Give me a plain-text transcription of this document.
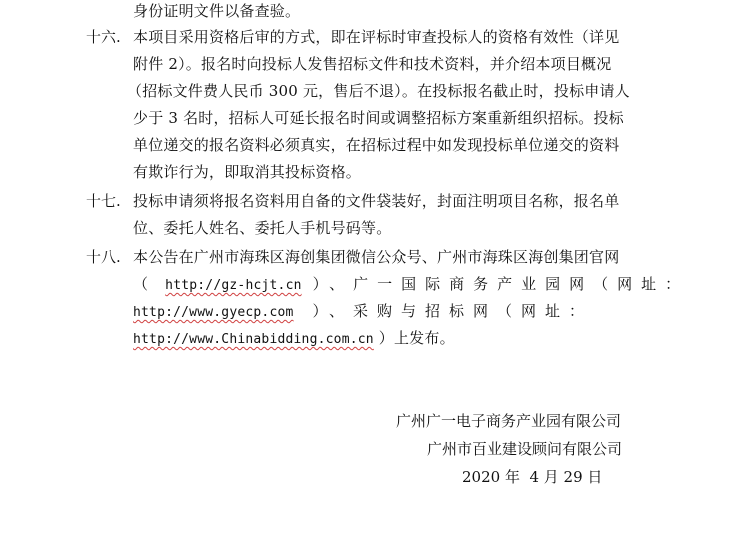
身份证明文件以备查验。
十六. 本项目采用资格后审的方式，即在评标时审查投标人的资格有效性（详见
附件 2）。报名时向投标人发售招标文件和技术资料，并介绍本项目概况
（招标文件费人民币 300 元，售后不退）。在投标报名截止时，投标申请人
少于 3 名时，招标人可延长报名时间或调整招标方案重新组织招标。投标
单位递交的报名资料必须真实，在招标过程中如发现投标单位递交的资料
有欺诈行为，即取消其投标资格。
十七. 投标申请须将报名资料用自备的文件袋装好，封面注明项目名称，报名单
位、委托人姓名、委托人手机号码等。
十八. 本公告在广州市海珠区海创集团微信公众号、广州市海珠区海创集团官网
（ http://gz-hcjt.cn ）、广一国际商务产业园网（网址：
http://www.gyecp.com ）、采购与招标网（网址：
http://www.Chinabidding.com.cn ）上发布。
广州广一电子商务产业园有限公司
广州市百业建设顾问有限公司
2020 年  4 月 29 日
